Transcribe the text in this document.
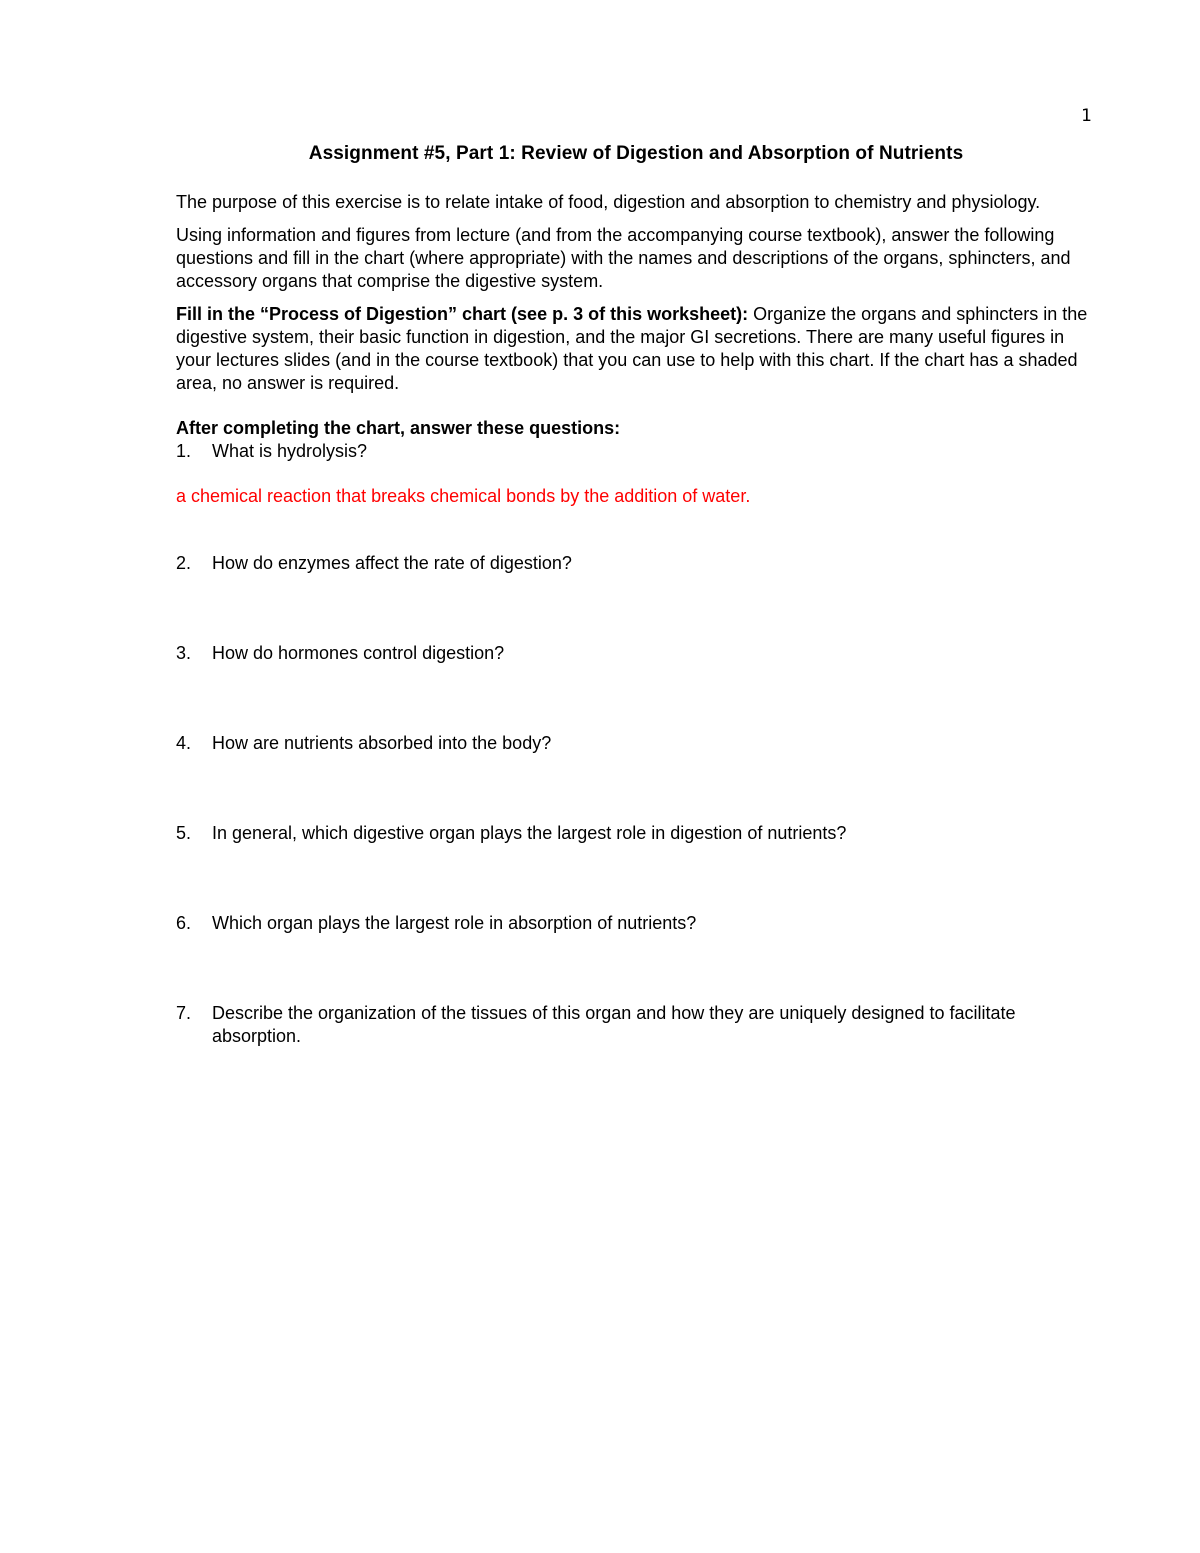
1
Assignment #5, Part 1: Review of Digestion and Absorption of Nutrients

The purpose of this exercise is to relate intake of food, digestion and absorption to chemistry and physiology.

Using information and figures from lecture (and from the accompanying course textbook), answer the following questions and fill in the chart (where appropriate) with the names and descriptions of the organs, sphincters, and accessory organs that comprise the digestive system.

Fill in the “Process of Digestion” chart (see p. 3 of this worksheet): Organize the organs and sphincters in the digestive system, their basic function in digestion, and the major GI secretions. There are many useful figures in your lectures slides (and in the course textbook) that you can use to help with this chart. If the chart has a shaded area, no answer is required.

After completing the chart, answer these questions:

1. What is hydrolysis?
a chemical reaction that breaks chemical bonds by the addition of water.
2. How do enzymes affect the rate of digestion?
3. How do hormones control digestion?
4. How are nutrients absorbed into the body?
5. In general, which digestive organ plays the largest role in digestion of nutrients?
6. Which organ plays the largest role in absorption of nutrients?
7. Describe the organization of the tissues of this organ and how they are uniquely designed to facilitate absorption.
